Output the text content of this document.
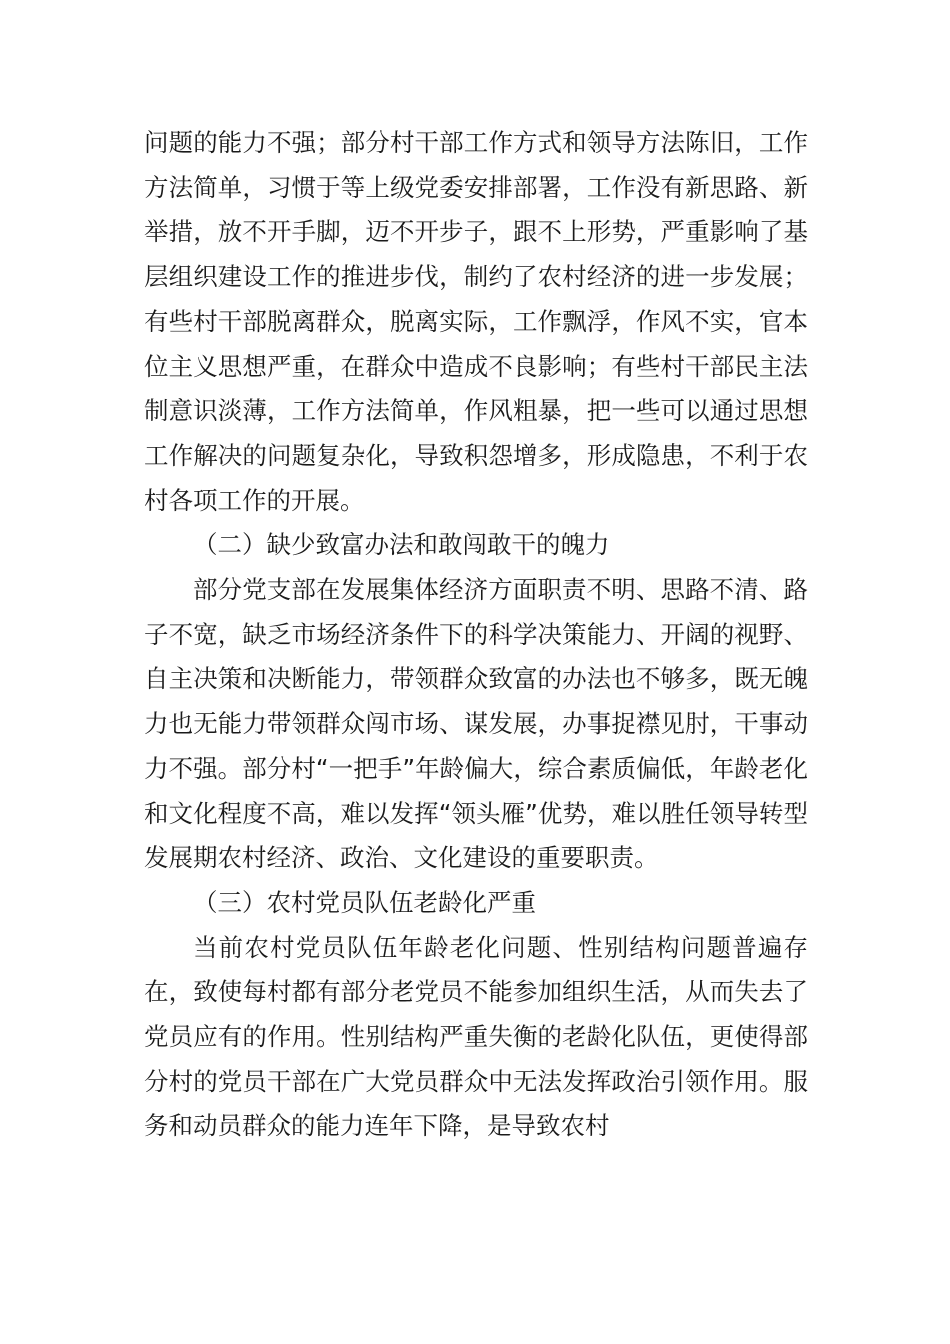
问题的能力不强；部分村干部工作方式和领导方法陈旧，工作方法简单，习惯于等上级党委安排部署，工作没有新思路、新举措，放不开手脚，迈不开步子，跟不上形势，严重影响了基层组织建设工作的推进步伐，制约了农村经济的进一步发展；有些村干部脱离群众，脱离实际，工作飘浮，作风不实，官本位主义思想严重，在群众中造成不良影响；有些村干部民主法制意识淡薄，工作方法简单，作风粗暴，把一些可以通过思想工作解决的问题复杂化，导致积怨增多，形成隐患，不利于农村各项工作的开展。

（二）缺少致富办法和敢闯敢干的魄力

部分党支部在发展集体经济方面职责不明、思路不清、路子不宽，缺乏市场经济条件下的科学决策能力、开阔的视野、自主决策和决断能力，带领群众致富的办法也不够多，既无魄力也无能力带领群众闯市场、谋发展，办事捉襟见肘，干事动力不强。部分村“一把手”年龄偏大，综合素质偏低，年龄老化和文化程度不高，难以发挥“领头雁”优势，难以胜任领导转型发展期农村经济、政治、文化建设的重要职责。

（三）农村党员队伍老龄化严重

当前农村党员队伍年龄老化问题、性别结构问题普遍存在，致使每村都有部分老党员不能参加组织生活，从而失去了党员应有的作用。性别结构严重失衡的老龄化队伍，更使得部分村的党员干部在广大党员群众中无法发挥政治引领作用。服务和动员群众的能力连年下降，是导致农村
